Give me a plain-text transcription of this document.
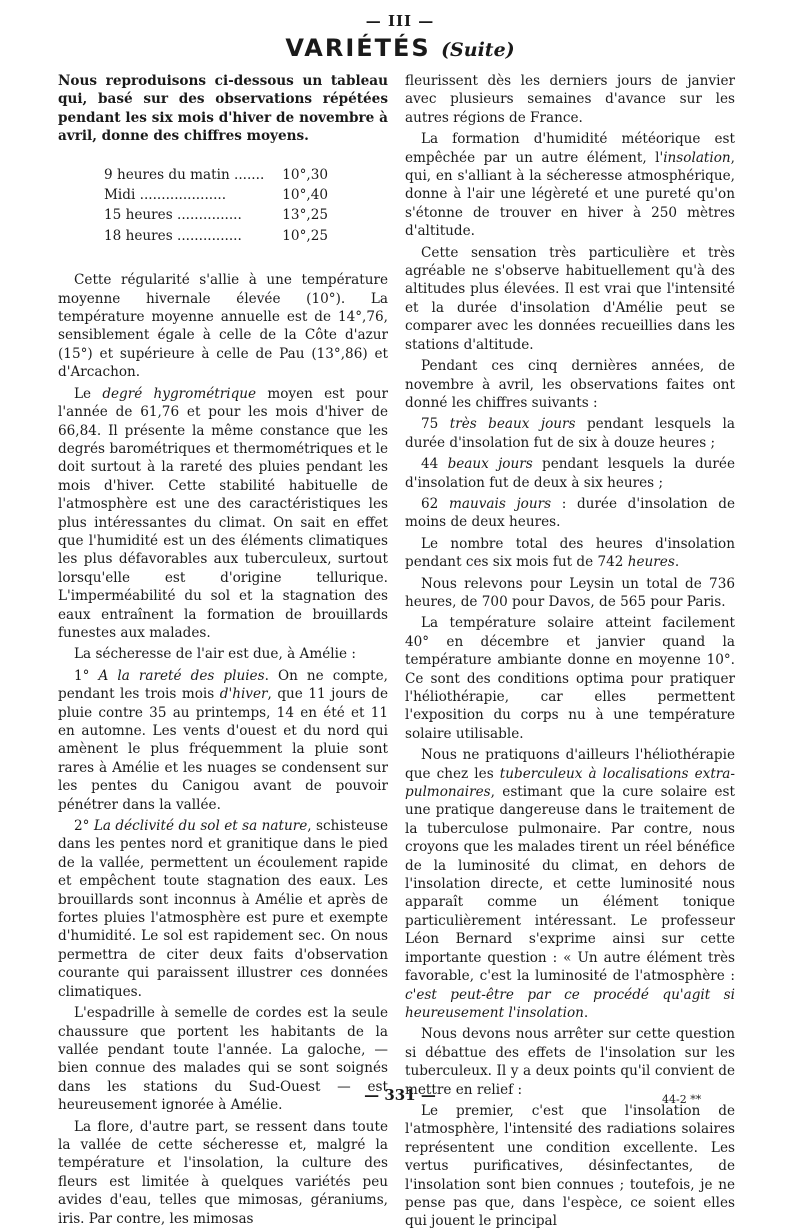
— III —
VARIÉTÉS (Suite)

Nous reproduisons ci-dessous un tableau qui, basé sur des observations répétées pendant les six mois d'hiver de novembre à avril, donne des chiffres moyens.

9 heures du matin .......	10°,30
Midi ....................	10°,40
15 heures ...............	13°,25
18 heures ...............	10°,25

Cette régularité s'allie à une température moyenne hivernale élevée (10°). La température moyenne annuelle est de 14°,76, sensiblement égale à celle de la Côte d'azur (15°) et supérieure à celle de Pau (13°,86) et d'Arcachon.

Le degré hygrométrique moyen est pour l'année de 61,76 et pour les mois d'hiver de 66,84. Il présente la même constance que les degrés barométriques et thermométriques et le doit surtout à la rareté des pluies pendant les mois d'hiver. Cette stabilité habituelle de l'atmosphère est une des caractéristiques les plus intéressantes du climat. On sait en effet que l'humidité est un des éléments climatiques les plus défavorables aux tuberculeux, surtout lorsqu'elle est d'origine tellurique. L'imperméabilité du sol et la stagnation des eaux entraînent la formation de brouillards funestes aux malades.

La sécheresse de l'air est due, à Amélie :

1° A la rareté des pluies. On ne compte, pendant les trois mois d'hiver, que 11 jours de pluie contre 35 au printemps, 14 en été et 11 en automne. Les vents d'ouest et du nord qui amènent le plus fréquemment la pluie sont rares à Amélie et les nuages se condensent sur les pentes du Canigou avant de pouvoir pénétrer dans la vallée.

2° La déclivité du sol et sa nature, schisteuse dans les pentes nord et granitique dans le pied de la vallée, permettent un écoulement rapide et empêchent toute stagnation des eaux. Les brouillards sont inconnus à Amélie et après de fortes pluies l'atmosphère est pure et exempte d'humidité. Le sol est rapidement sec. On nous permettra de citer deux faits d'observation courante qui paraissent illustrer ces données climatiques.

L'espadrille à semelle de cordes est la seule chaussure que portent les habitants de la vallée pendant toute l'année. La galoche, — bien connue des malades qui se sont soignés dans les stations du Sud-Ouest — est heureusement ignorée à Amélie.

La flore, d'autre part, se ressent dans toute la vallée de cette sécheresse et, malgré la température et l'insolation, la culture des fleurs est limitée à quelques variétés peu avides d'eau, telles que mimosas, géraniums, iris. Par contre, les mimosas

fleurissent dès les derniers jours de janvier avec plusieurs semaines d'avance sur les autres régions de France.

La formation d'humidité météorique est empêchée par un autre élément, l'insolation, qui, en s'alliant à la sécheresse atmosphérique, donne à l'air une légèreté et une pureté qu'on s'étonne de trouver en hiver à 250 mètres d'altitude.

Cette sensation très particulière et très agréable ne s'observe habituellement qu'à des altitudes plus élevées. Il est vrai que l'intensité et la durée d'insolation d'Amélie peut se comparer avec les données recueillies dans les stations d'altitude.

Pendant ces cinq dernières années, de novembre à avril, les observations faites ont donné les chiffres suivants :

75 très beaux jours pendant lesquels la durée d'insolation fut de six à douze heures ;

44 beaux jours pendant lesquels la durée d'insolation fut de deux à six heures ;

62 mauvais jours : durée d'insolation de moins de deux heures.

Le nombre total des heures d'insolation pendant ces six mois fut de 742 heures.

Nous relevons pour Leysin un total de 736 heures, de 700 pour Davos, de 565 pour Paris.

La température solaire atteint facilement 40° en décembre et janvier quand la température ambiante donne en moyenne 10°. Ce sont des conditions optima pour pratiquer l'héliothérapie, car elles permettent l'exposition du corps nu à une température solaire utilisable.

Nous ne pratiquons d'ailleurs l'héliothérapie que chez les tuberculeux à localisations extra-pulmonaires, estimant que la cure solaire est une pratique dangereuse dans le traitement de la tuberculose pulmonaire. Par contre, nous croyons que les malades tirent un réel bénéfice de la luminosité du climat, en dehors de l'insolation directe, et cette luminosité nous apparaît comme un élément tonique particulièrement intéressant. Le professeur Léon Bernard s'exprime ainsi sur cette importante question : « Un autre élément très favorable, c'est la luminosité de l'atmosphère : c'est peut-être par ce procédé qu'agit si heureusement l'insolation.

Nous devons nous arrêter sur cette question si débattue des effets de l'insolation sur les tuberculeux. Il y a deux points qu'il convient de mettre en relief :

Le premier, c'est que l'insolation de l'atmosphère, l'intensité des radiations solaires représentent une condition excellente. Les vertus purificatives, désinfectantes, de l'insolation sont bien connues ; toutefois, je ne pense pas que, dans l'espèce, ce soient elles qui jouent le principal

— 331 —	44-2 **
